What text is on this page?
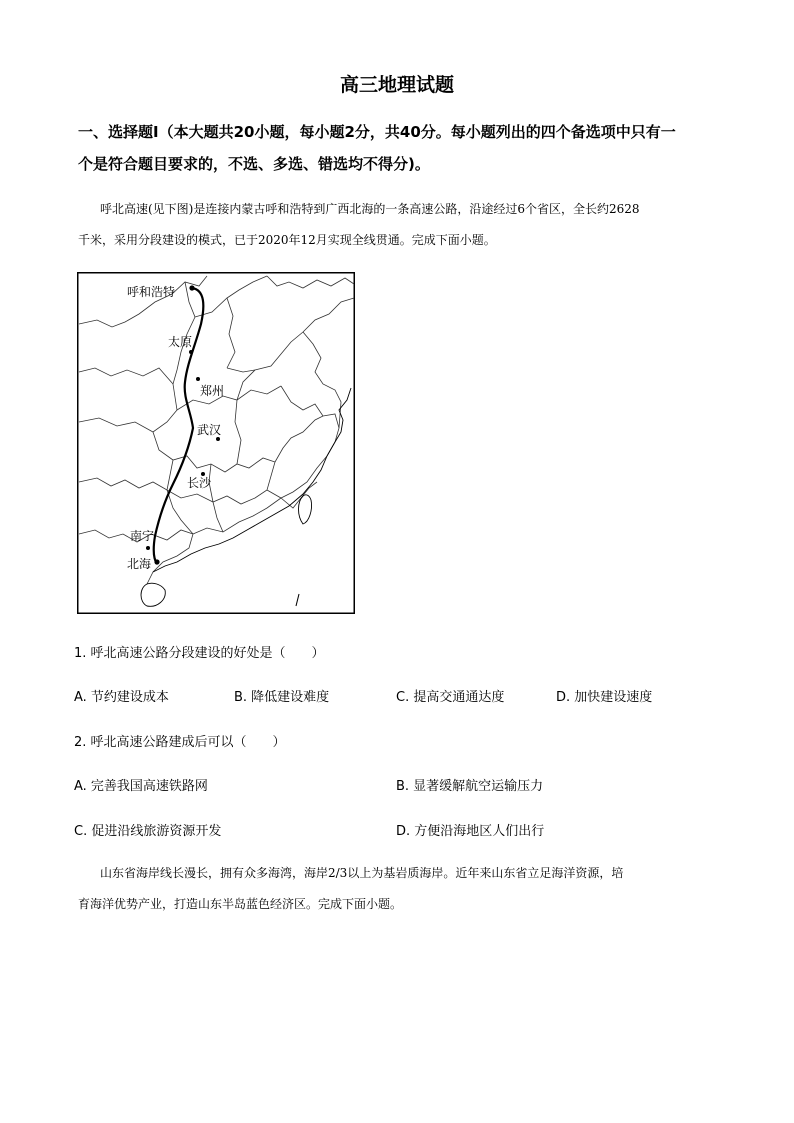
高三地理试题
一、选择题Ⅰ（本大题共20小题，每小题2分，共40分。每小题列出的四个备选项中只有一
个是符合题目要求的，不选、多选、错选均不得分)。
呼北高速(见下图)是连接内蒙古呼和浩特到广西北海的一条高速公路，沿途经过6个省区，全长约2628
千米，采用分段建设的模式，已于2020年12月实现全线贯通。完成下面小题。
呼和浩特
太原
郑州
武汉
长沙
南宁
北海
1. 呼北高速公路分段建设的好处是（　　）
A. 节约建设成本	B. 降低建设难度	C. 提高交通通达度	D. 加快建设速度
2. 呼北高速公路建成后可以（　　）
A. 完善我国高速铁路网	B. 显著缓解航空运输压力
C. 促进沿线旅游资源开发	D. 方便沿海地区人们出行
山东省海岸线长漫长，拥有众多海湾，海岸2/3以上为基岩质海岸。近年来山东省立足海洋资源，培
育海洋优势产业，打造山东半岛蓝色经济区。完成下面小题。
